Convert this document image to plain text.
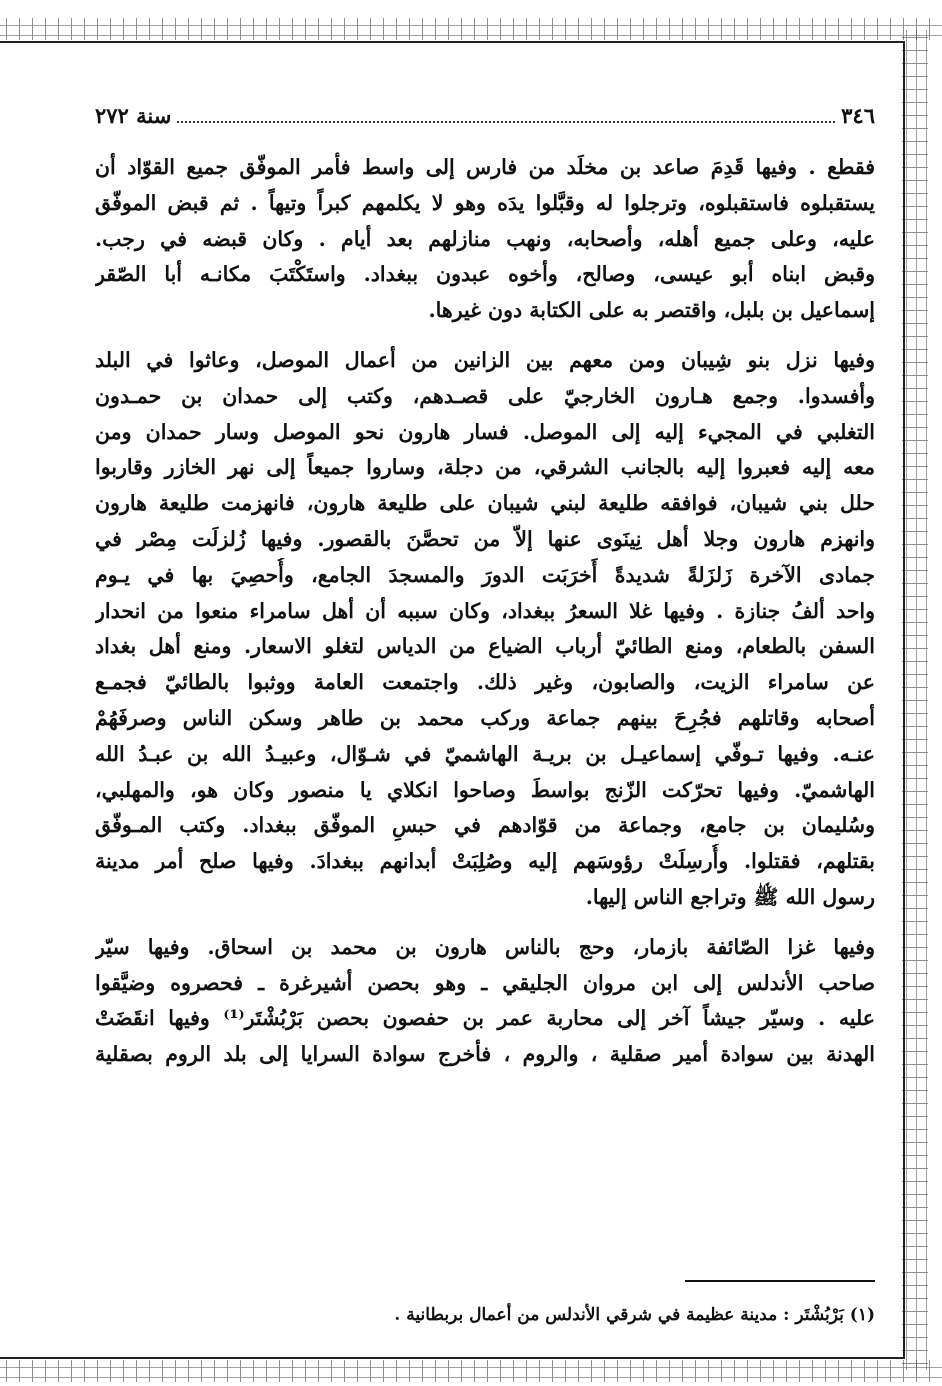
٣٤٦
سنة ٢٧٢
فقطع . وفيها قَدِمَ صاعد بن مخلَد من فارس إلى واسط فأمر الموفّق جميع القوّاد أن
يستقبلوه فاستقبلوه، وترجلوا له وقبَّلوا يدَه وهو لا يكلمهم كبراً وتيهاً . ثم قبض الموفّق
عليه، وعلى جميع أهله، وأصحابه، ونهب منازلهم بعد أيام . وكان قبضه في رجب.
وقبض ابناه أبو عيسى، وصالح، وأخوه عبدون ببغداد. واستَكْتَبَ مكانـه أبا الصّقر
إسماعيل بن بلبل، واقتصر به على الكتابة دون غيرها.
وفيها نزل بنو شِيبان ومن معهم بين الزانين من أعمال الموصل، وعاثوا في البلد
وأفسدوا. وجمع هـارون الخارجيّ على قصـدهم، وكتب إلى حمدان بن حمـدون
التغلبي في المجيء إليه إلى الموصل. فسار هارون نحو الموصل وسار حمدان ومن
معه إليه فعبروا إليه بالجانب الشرقي، من دجلة، وساروا جميعاً إلى نهر الخازر وقاربوا
حلل بني شيبان، فوافقه طليعة لبني شيبان على طليعة هارون، فانهزمت طليعة هارون
وانهزم هارون وجلا أهل نِينَوى عنها إلاّ من تحصَّنَ بالقصور. وفيها زُلزلَت مِصْر في
جمادى الآخرة زَلزَلةً شديدةً أَخرَبَت الدورَ والمسجدَ الجامع، وأُحصِيَ بها في يـوم
واحد ألفُ جنازة . وفيها غلا السعرُ ببغداد، وكان سببه أن أهل سامراء منعوا من انحدار
السفن بالطعام، ومنع الطائيّ أرباب الضياع من الدياس لتغلو الاسعار. ومنع أهل بغداد
عن سامراء الزيت، والصابون، وغير ذلك. واجتمعت العامة ووثبوا بالطائيّ فجمـع
أصحابه وقاتلهم فجُرِحَ بينهم جماعة وركب محمد بن طاهر وسكن الناس وصرفَهُمْ
عنـه. وفيها تـوفّي إسماعيـل بن بريـة الهاشميّ في شـوّال، وعبيـدُ الله بن عبـدُ الله
الهاشميّ. وفيها تحرّكت الزّنج بواسطَ وصاحوا انكلاي يا منصور وكان هو، والمهلبي،
وسُليمان بن جامع، وجماعة من قوّادهم في حبسِ الموفّق ببغداد. وكتب المـوفّق
بقتلهم، فقتلوا. وأُرسِلَتْ رؤوسَهم إليه وصُلِبَتْ أبدانهم ببغدادَ. وفيها صلح أمر مدينة
رسول الله ﷺ وتراجع الناس إليها.
وفيها غزا الصّائفة بازمار، وحج بالناس هارون بن محمد بن اسحاق. وفيها سيّر
صاحب الأندلس إلى ابن مروان الجليقي ـ وهو بحصن أشيرغرة ـ فحصروه وضيَّقوا
عليه . وسيّر جيشاً آخر إلى محاربة عمر بن حفصون بحصن بَرْبُشْتَر⁽¹⁾ وفيها انقَضَتْ
الهدنة بين سوادة أمير صقلية ، والروم ، فأخرج سوادة السرايا إلى بلد الروم بصقلية
(١) بَرْبُشْتَر : مدينة عظيمة في شرقي الأندلس من أعمال بربطانية .
